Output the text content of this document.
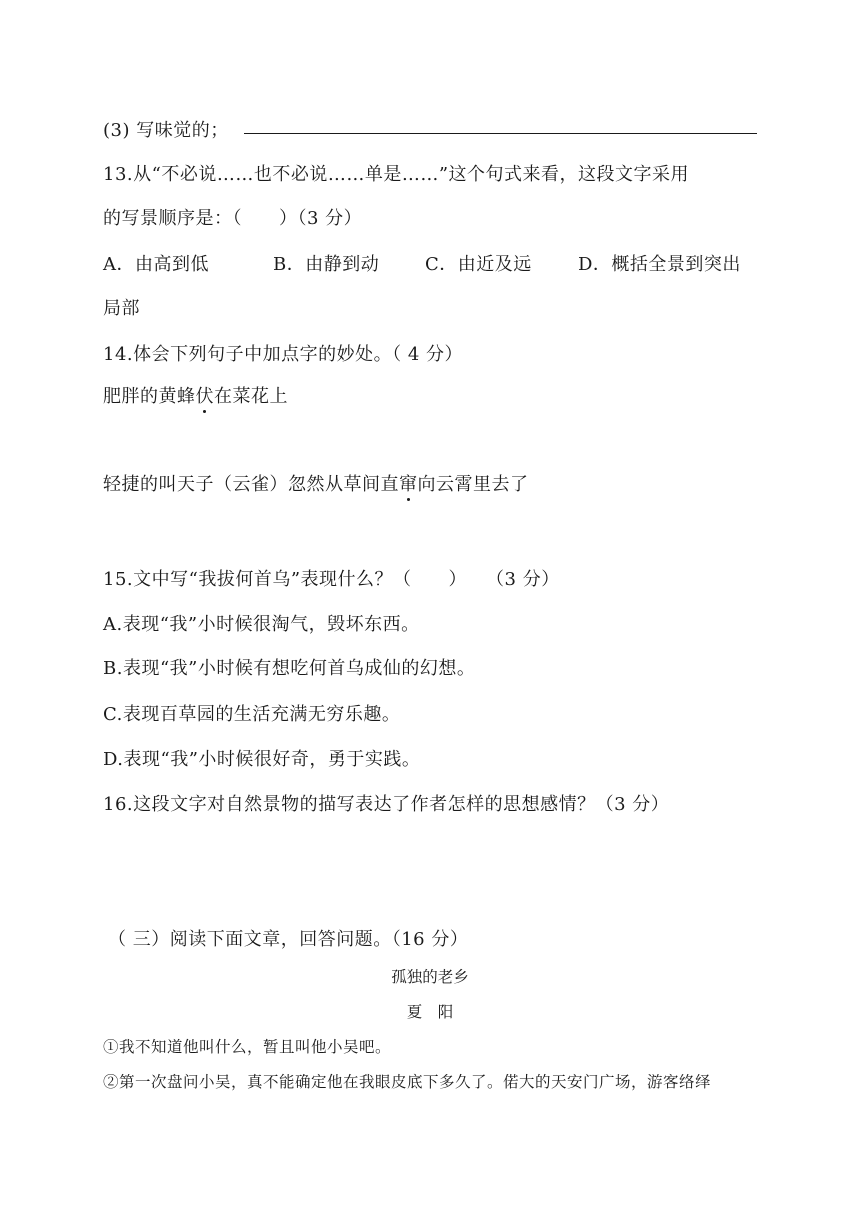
(3) 写味觉的；
13.从“不必说……也不必说……单是……”这个句式来看，这段文字采用
的写景顺序是：（　　）（3 分）
A．由高到低	B．由静到动	C．由近及远	D．概括全景到突出
局部
14.体会下列句子中加点字的妙处。（ 4 分）
肥胖的黄蜂伏在菜花上
轻捷的叫天子（云雀）忽然从草间直窜向云霄里去了
15.文中写“我拔何首乌”表现什么？（　　）　　（3 分）
A.表现“我”小时候很淘气，毁坏东西。
B.表现“我”小时候有想吃何首乌成仙的幻想。
C.表现百草园的生活充满无穷乐趣。
D.表现“我”小时候很好奇，勇于实践。
16.这段文字对自然景物的描写表达了作者怎样的思想感情？（3 分）
（ 三）阅读下面文章，回答问题。（16 分）
孤独的老乡
夏　阳
①我不知道他叫什么，暂且叫他小吴吧。
②第一次盘问小吴，真不能确定他在我眼皮底下多久了。偌大的天安门广场，游客络绎
